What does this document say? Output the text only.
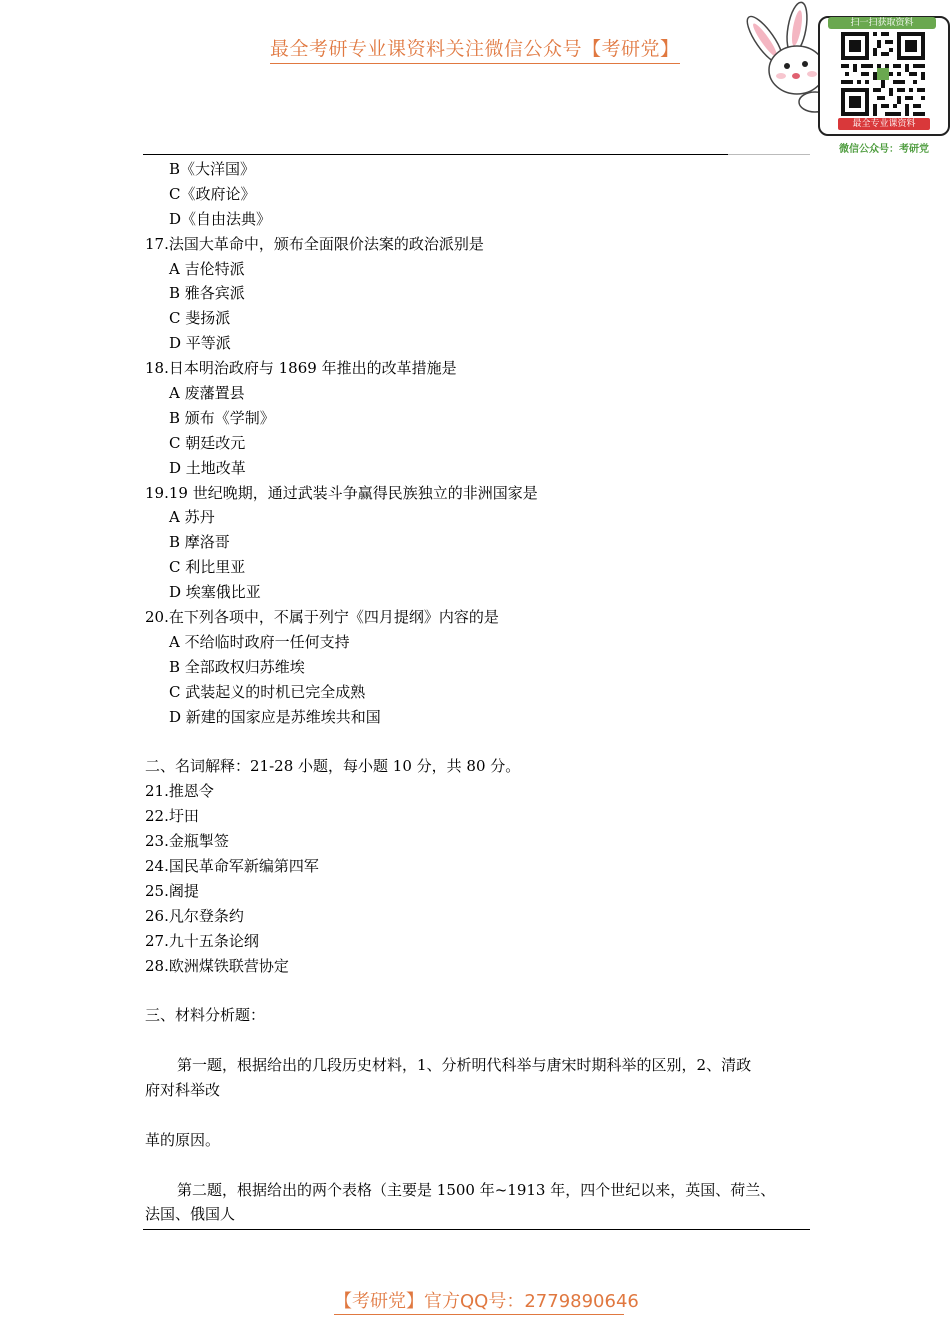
最全考研专业课资料关注微信公众号【考研党】
扫一扫获取资料
最全专业课资料
微信公众号：考研党
B《大洋国》
C《政府论》
D《自由法典》
17.法国大革命中，颁布全面限价法案的政治派别是
A 吉伦特派
B 雅各宾派
C 斐扬派
D 平等派
18.日本明治政府与 1869 年推出的改革措施是
A 废藩置县
B 颁布《学制》
C 朝廷改元
D 土地改革
19.19 世纪晚期，通过武装斗争赢得民族独立的非洲国家是
A 苏丹
B 摩洛哥
C 利比里亚
D 埃塞俄比亚
20.在下列各项中，不属于列宁《四月提纲》内容的是
A 不给临时政府一任何支持
B 全部政权归苏维埃
C 武装起义的时机已完全成熟
D 新建的国家应是苏维埃共和国
二、名词解释：21-28 小题，每小题 10 分，共 80 分。
21.推恩令
22.圩田
23.金瓶掣签
24.国民革命军新编第四军
25.阇提
26.凡尔登条约
27.九十五条论纲
28.欧洲煤铁联营协定
三、材料分析题：
第一题，根据给出的几段历史材料，1、分析明代科举与唐宋时期科举的区别，2、清政
府对科举改
革的原因。
第二题，根据给出的两个表格（主要是 1500 年~1913 年，四个世纪以来，英国、荷兰、
法国、俄国人
【考研党】官方QQ号：2779890646
